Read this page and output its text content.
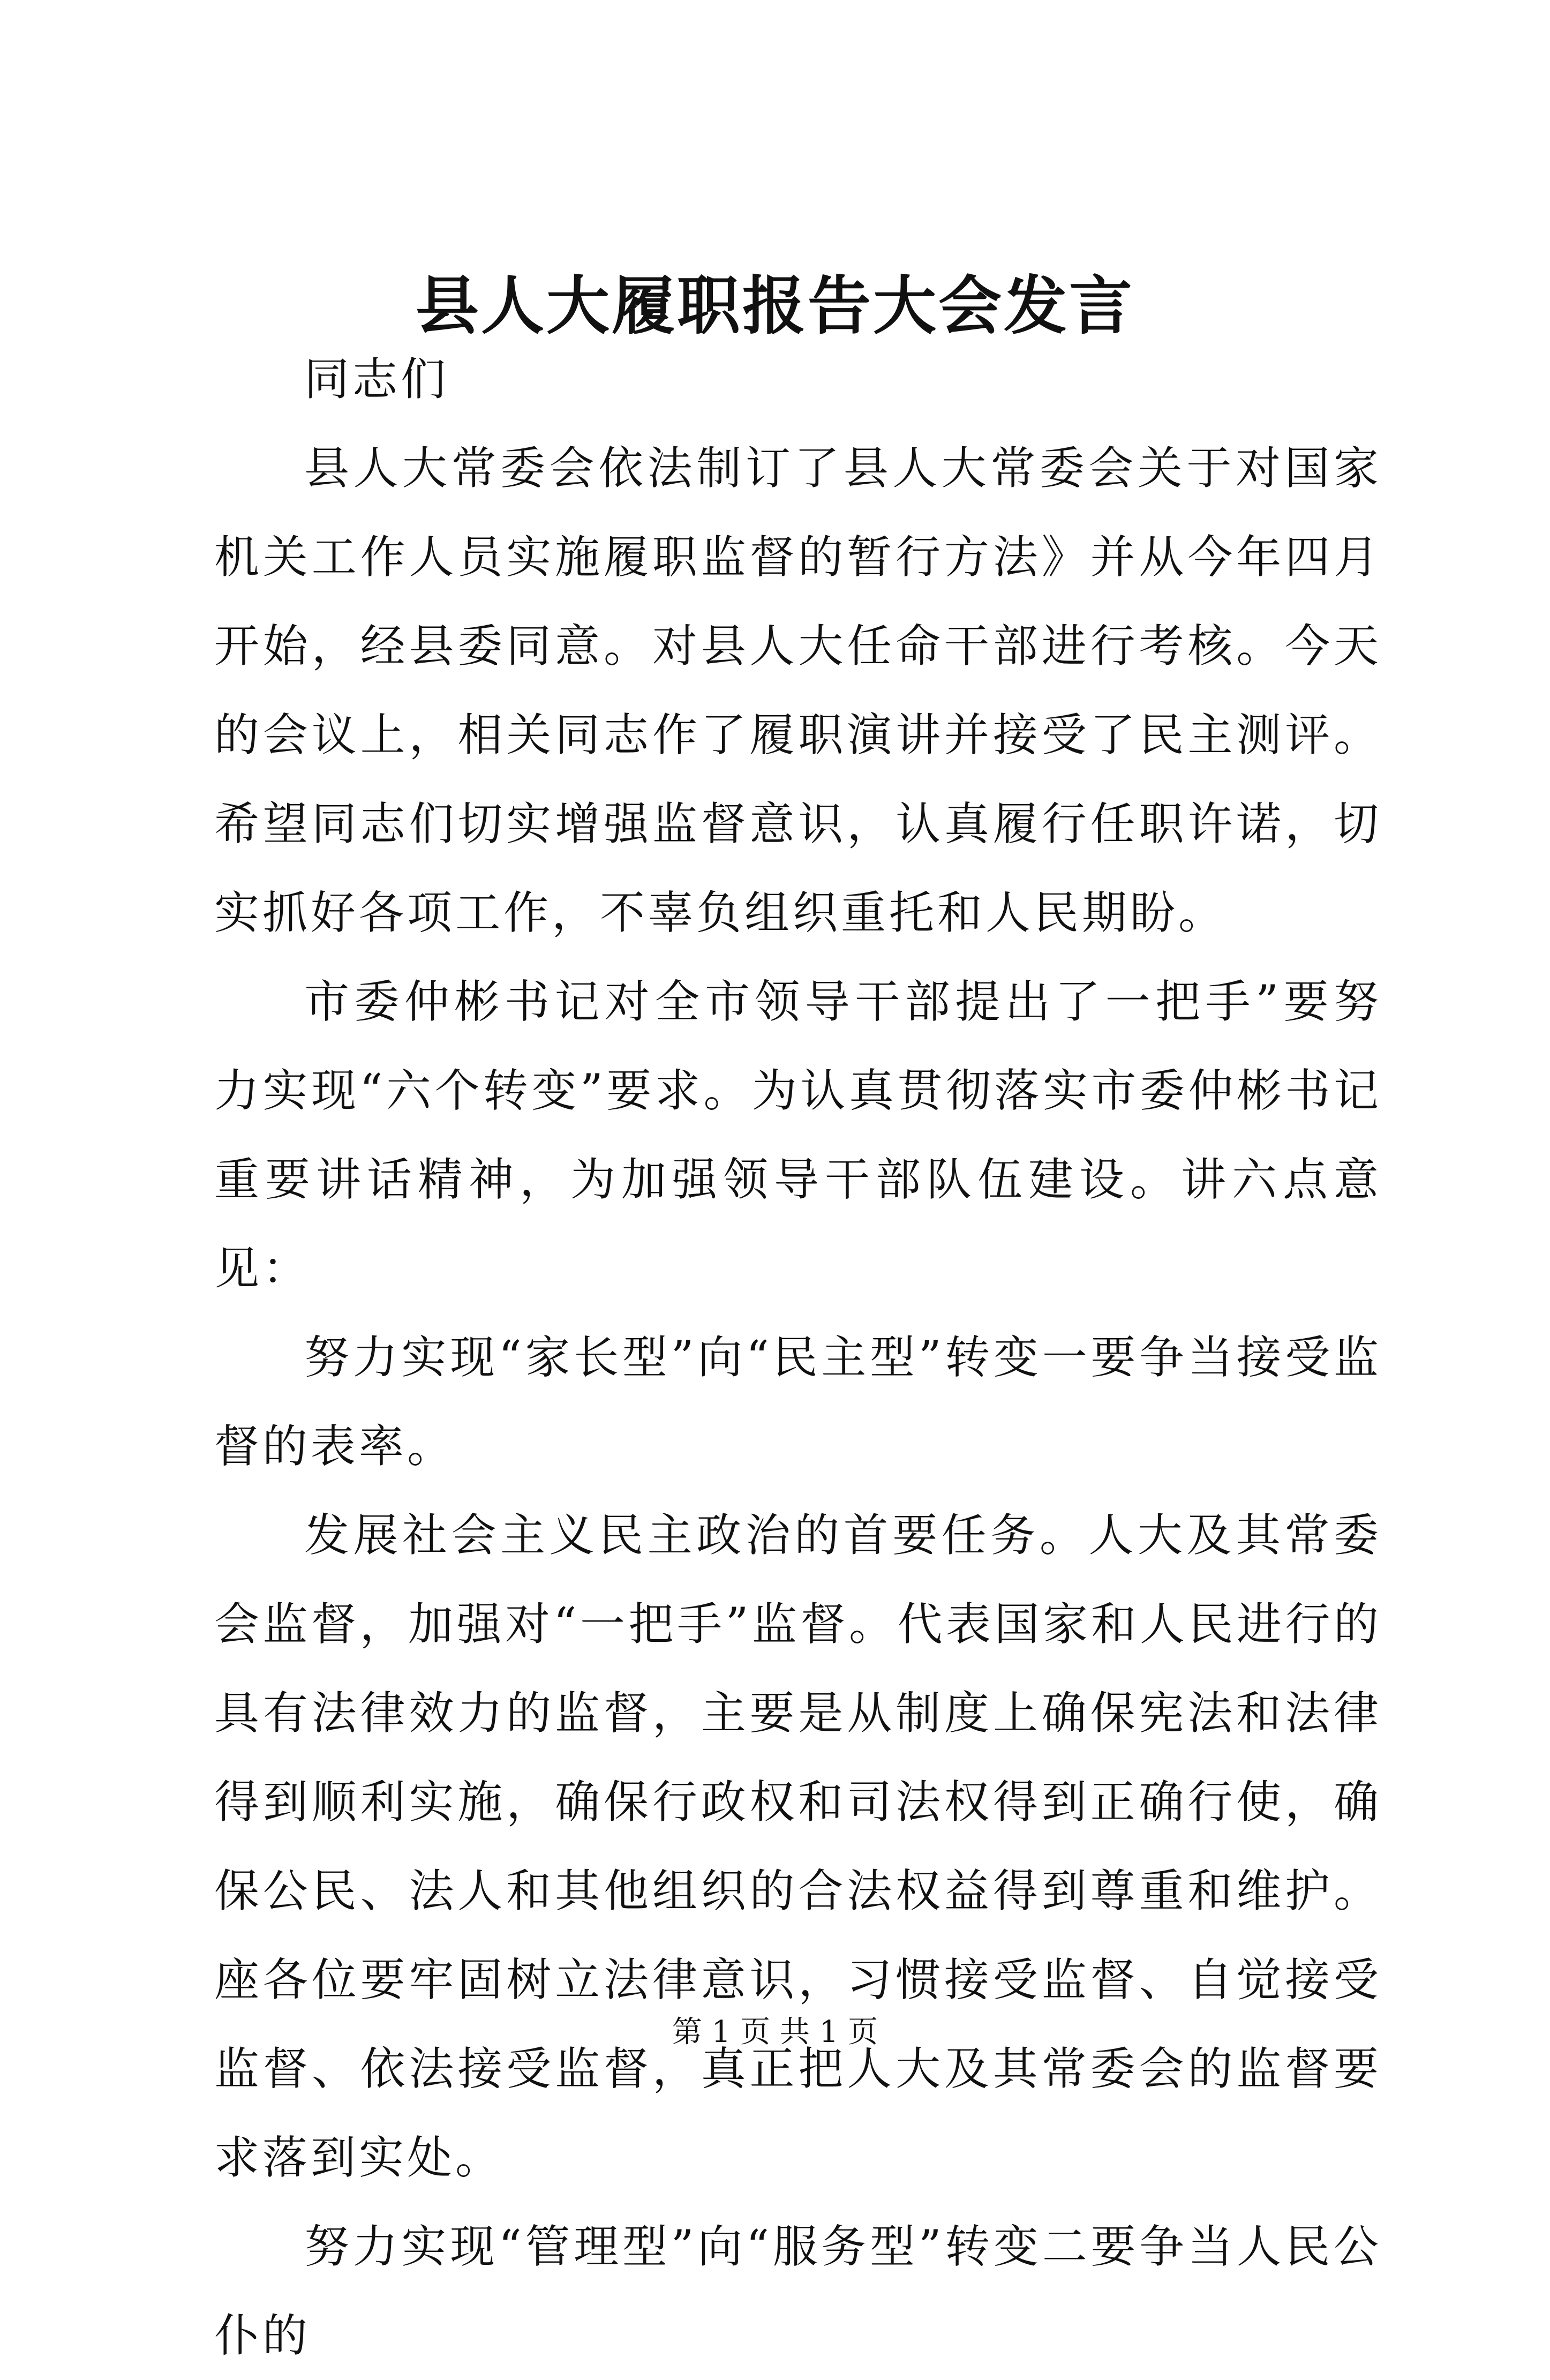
县人大履职报告大会发言

同志们

县人大常委会依法制订了县人大常委会关于对国家机关工作人员实施履职监督的暂行方法》并从今年四月开始，经县委同意。对县人大任命干部进行考核。今天的会议上，相关同志作了履职演讲并接受了民主测评。希望同志们切实增强监督意识，认真履行任职许诺，切实抓好各项工作，不辜负组织重托和人民期盼。

市委仲彬书记对全市领导干部提出了一把手”要努力实现“六个转变”要求。为认真贯彻落实市委仲彬书记重要讲话精神，为加强领导干部队伍建设。讲六点意见：

努力实现“家长型”向“民主型”转变一要争当接受监督的表率。

发展社会主义民主政治的首要任务。人大及其常委会监督，加强对“一把手”监督。代表国家和人民进行的具有法律效力的监督，主要是从制度上确保宪法和法律得到顺利实施，确保行政权和司法权得到正确行使，确保公民、法人和其他组织的合法权益得到尊重和维护。座各位要牢固树立法律意识，习惯接受监督、自觉接受监督、依法接受监督，真正把人大及其常委会的监督要求落到实处。

努力实现“管理型”向“服务型”转变二要争当人民公仆的

第 1 页 共 1 页
